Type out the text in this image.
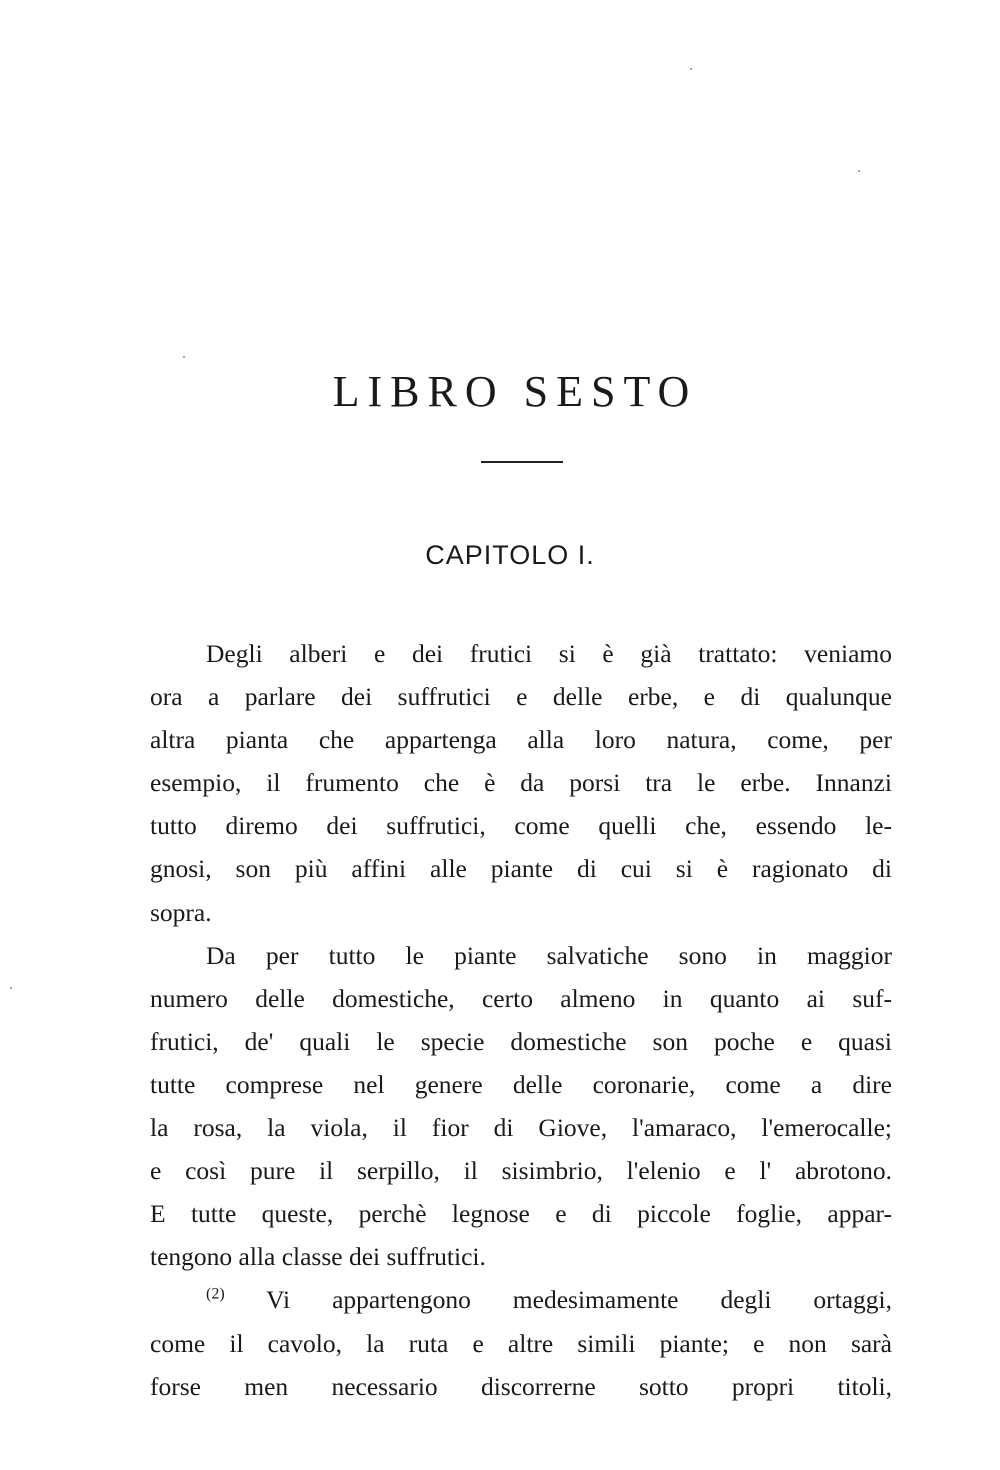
LIBRO SESTO
CAPITOLO I.
Degli alberi e dei frutici si è già trattato: veniamo
ora a parlare dei suffrutici e delle erbe, e di qualunque
altra pianta che appartenga alla loro natura, come, per
esempio, il frumento che è da porsi tra le erbe. Innanzi
tutto diremo dei suffrutici, come quelli che, essendo le-
gnosi, son più affini alle piante di cui si è ragionato di
sopra.
Da per tutto le piante salvatiche sono in maggior
numero delle domestiche, certo almeno in quanto ai suf-
frutici, de' quali le specie domestiche son poche e quasi
tutte comprese nel genere delle coronarie, come a dire
la rosa, la viola, il fior di Giove, l'amaraco, l'emerocalle;
e così pure il serpillo, il sisimbrio, l'elenio e l' abrotono.
E tutte queste, perchè legnose e di piccole foglie, appar-
tengono alla classe dei suffrutici.
$^{(2)}$ Vi appartengono medesimamente degli ortaggi,
come il cavolo, la ruta e altre simili piante; e non sarà
forse men necessario discorrerne sotto propri titoli,
